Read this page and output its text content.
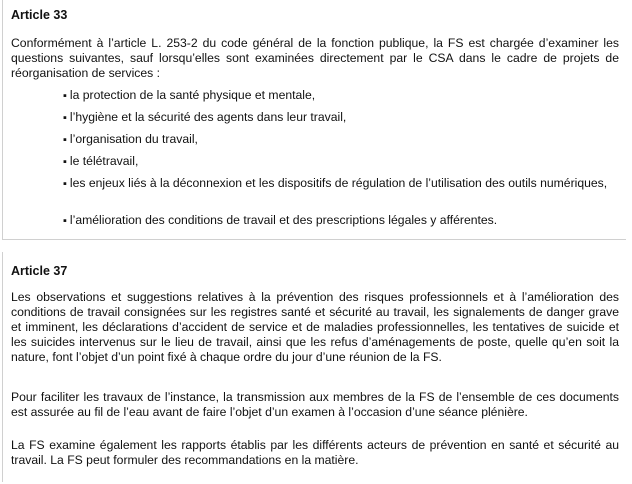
Article 33

Conformément à l’article L. 253-2 du code général de la fonction publique, la FS est chargée d’examiner les questions suivantes, sauf lorsqu’elles sont examinées directement par le CSA dans le cadre de projets de réorganisation de services :

▪ la protection de la santé physique et mentale,
▪ l’hygiène et la sécurité des agents dans leur travail,
▪ l’organisation du travail,
▪ le télétravail,
▪ les enjeux liés à la déconnexion et les dispositifs de régulation de l’utilisation des outils numériques,
▪ l’amélioration des conditions de travail et des prescriptions légales y afférentes.
Article 37

Les observations et suggestions relatives à la prévention des risques professionnels et à l’amélioration des conditions de travail consignées sur les registres santé et sécurité au travail, les signalements de danger grave et imminent, les déclarations d’accident de service et de maladies professionnelles, les tentatives de suicide et les suicides intervenus sur le lieu de travail, ainsi que les refus d’aménagements de poste, quelle qu’en soit la nature, font l’objet d’un point fixé à chaque ordre du jour d’une réunion de la FS.

Pour faciliter les travaux de l’instance, la transmission aux membres de la FS de l’ensemble de ces documents est assurée au fil de l’eau avant de faire l’objet d’un examen à l’occasion d’une séance plénière.

La FS examine également les rapports établis par les différents acteurs de prévention en santé et sécurité au travail. La FS peut formuler des recommandations en la matière.
